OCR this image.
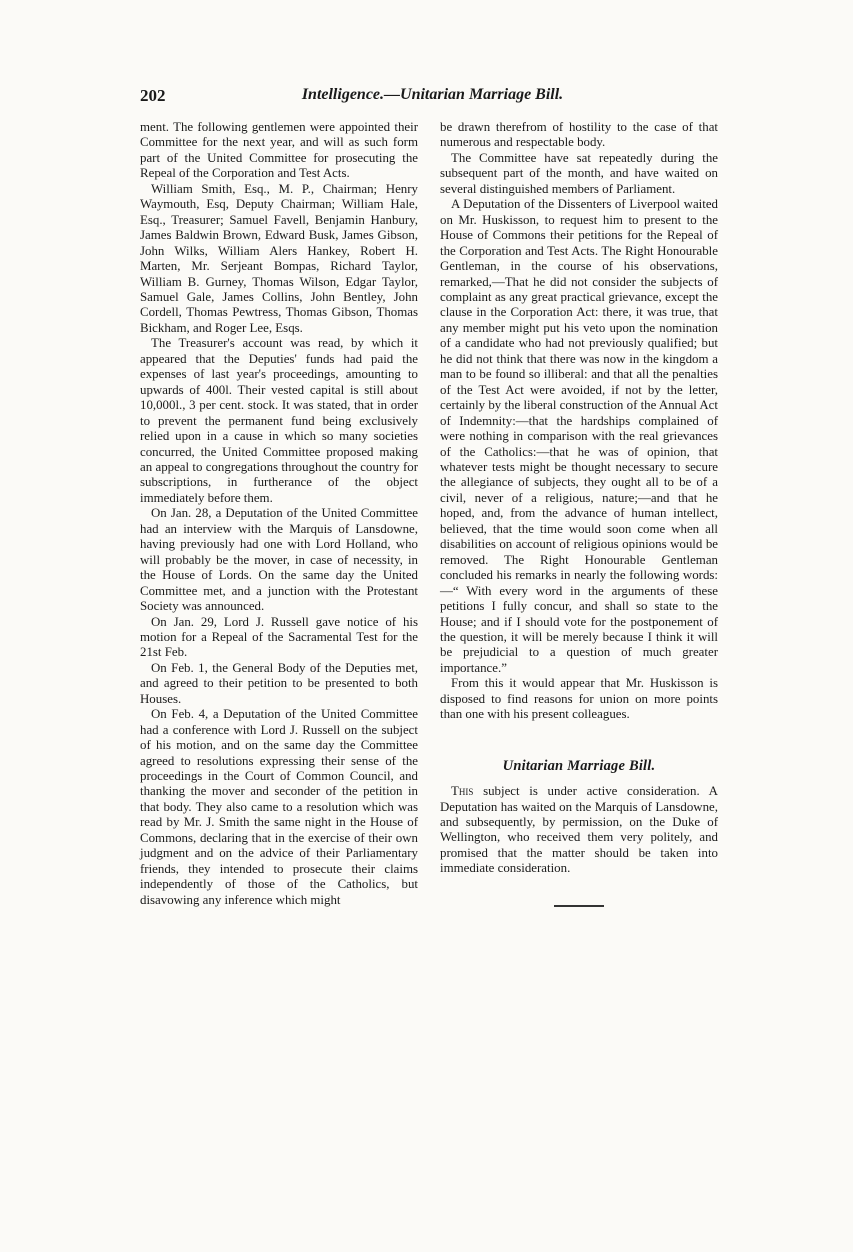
202	Intelligence.—Unitarian Marriage Bill.

ment. The following gentlemen were appointed their Committee for the next year, and will as such form part of the United Committee for prosecuting the Repeal of the Corporation and Test Acts.

William Smith, Esq., M. P., Chairman; Henry Waymouth, Esq, Deputy Chairman; William Hale, Esq., Treasurer; Samuel Favell, Benjamin Hanbury, James Baldwin Brown, Edward Busk, James Gibson, John Wilks, William Alers Hankey, Robert H. Marten, Mr. Serjeant Bompas, Richard Taylor, William B. Gurney, Thomas Wilson, Edgar Taylor, Samuel Gale, James Collins, John Bentley, John Cordell, Thomas Pewtress, Thomas Gibson, Thomas Bickham, and Roger Lee, Esqs.

The Treasurer's account was read, by which it appeared that the Deputies' funds had paid the expenses of last year's proceedings, amounting to upwards of 400l. Their vested capital is still about 10,000l., 3 per cent. stock. It was stated, that in order to prevent the permanent fund being exclusively relied upon in a cause in which so many societies concurred, the United Committee proposed making an appeal to congregations throughout the country for subscriptions, in furtherance of the object immediately before them.

On Jan. 28, a Deputation of the United Committee had an interview with the Marquis of Lansdowne, having previously had one with Lord Holland, who will probably be the mover, in case of necessity, in the House of Lords. On the same day the United Committee met, and a junction with the Protestant Society was announced.

On Jan. 29, Lord J. Russell gave notice of his motion for a Repeal of the Sacramental Test for the 21st Feb.

On Feb. 1, the General Body of the Deputies met, and agreed to their petition to be presented to both Houses.

On Feb. 4, a Deputation of the United Committee had a conference with Lord J. Russell on the subject of his motion, and on the same day the Committee agreed to resolutions expressing their sense of the proceedings in the Court of Common Council, and thanking the mover and seconder of the petition in that body. They also came to a resolution which was read by Mr. J. Smith the same night in the House of Commons, declaring that in the exercise of their own judgment and on the advice of their Parliamentary friends, they intended to prosecute their claims independently of those of the Catholics, but disavowing any inference which might

be drawn therefrom of hostility to the case of that numerous and respectable body.

The Committee have sat repeatedly during the subsequent part of the month, and have waited on several distinguished members of Parliament.

A Deputation of the Dissenters of Liverpool waited on Mr. Huskisson, to request him to present to the House of Commons their petitions for the Repeal of the Corporation and Test Acts. The Right Honourable Gentleman, in the course of his observations, remarked,—That he did not consider the subjects of complaint as any great practical grievance, except the clause in the Corporation Act: there, it was true, that any member might put his veto upon the nomination of a candidate who had not previously qualified; but he did not think that there was now in the kingdom a man to be found so illiberal: and that all the penalties of the Test Act were avoided, if not by the letter, certainly by the liberal construction of the Annual Act of Indemnity:—that the hardships complained of were nothing in comparison with the real grievances of the Catholics:—that he was of opinion, that whatever tests might be thought necessary to secure the allegiance of subjects, they ought all to be of a civil, never of a religious, nature;—and that he hoped, and, from the advance of human intellect, believed, that the time would soon come when all disabilities on account of religious opinions would be removed. The Right Honourable Gentleman concluded his remarks in nearly the following words:—“ With every word in the arguments of these petitions I fully concur, and shall so state to the House; and if I should vote for the postponement of the question, it will be merely because I think it will be prejudicial to a question of much greater importance.”

From this it would appear that Mr. Huskisson is disposed to find reasons for union on more points than one with his present colleagues.

Unitarian Marriage Bill.

This subject is under active consideration. A Deputation has waited on the Marquis of Lansdowne, and subsequently, by permission, on the Duke of Wellington, who received them very politely, and promised that the matter should be taken into immediate consideration.
